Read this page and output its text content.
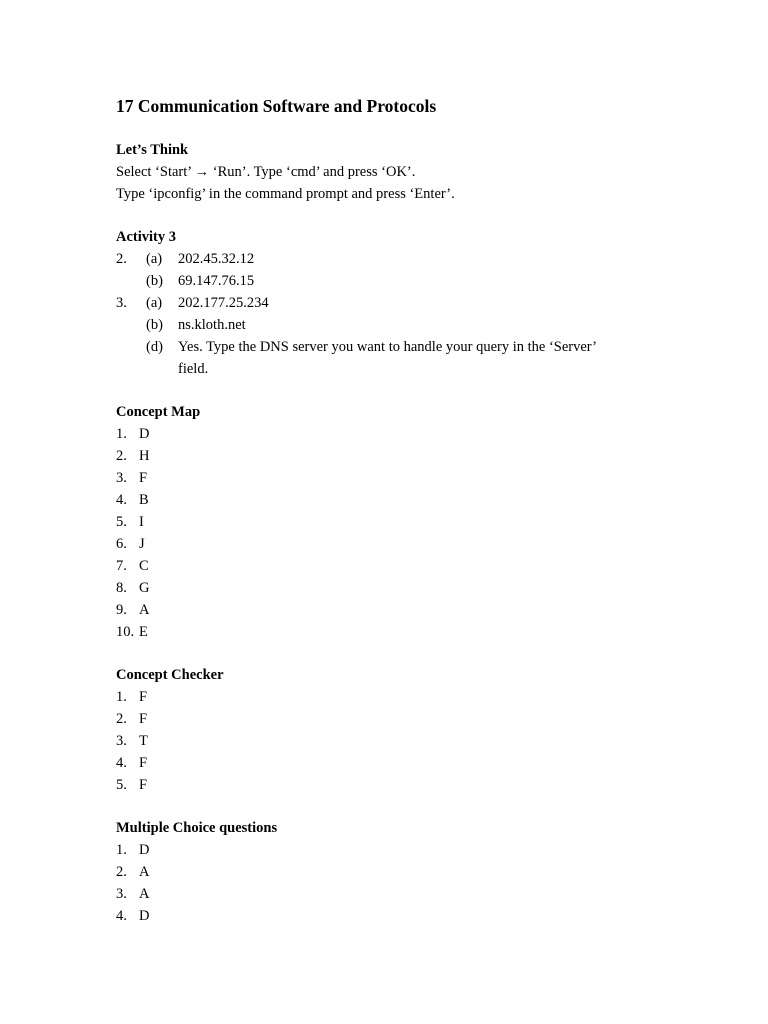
17 Communication Software and Protocols
Let’s Think
Select ‘Start’ → ‘Run’. Type ‘cmd’ and press ‘OK’.
Type ‘ipconfig’ in the command prompt and press ‘Enter’.
Activity 3
2. (a) 202.45.32.12
(b) 69.147.76.15
3. (a) 202.177.25.234
(b) ns.kloth.net
(d) Yes. Type the DNS server you want to handle your query in the ‘Server’
field.
Concept Map
1. D
2. H
3. F
4. B
5. I
6. J
7. C
8. G
9. A
10. E
Concept Checker
1. F
2. F
3. T
4. F
5. F
Multiple Choice questions
1. D
2. A
3. A
4. D
